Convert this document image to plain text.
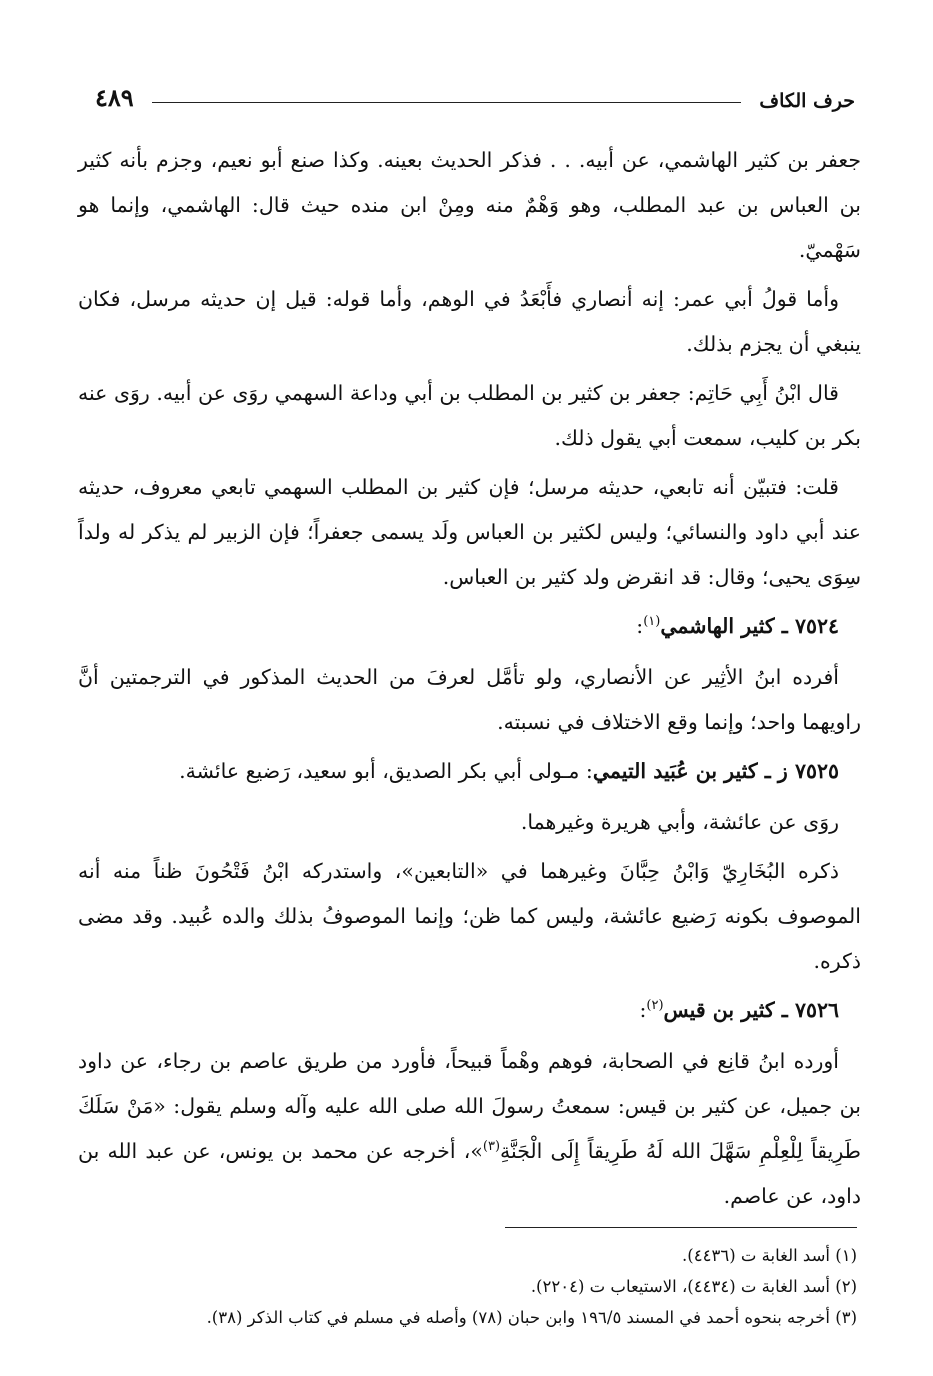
حرف الكاف
٤٨٩

جعفر بن كثير الهاشمي، عن أبيه. . . فذكر الحديث بعينه. وكذا صنع أبو نعيم، وجزم بأنه كثير بن العباس بن عبد المطلب، وهو وَهْمٌ منه ومِنْ ابن منده حيث قال: الهاشمي، وإنما هو سَهْميّ.

وأما قولُ أبي عمر: إنه أنصاري فأَبْعَدُ في الوهم، وأما قوله: قيل إن حديثه مرسل، فكان ينبغي أن يجزم بذلك.

قال ابْنُ أَبِي حَاتِم: جعفر بن كثير بن المطلب بن أبي وداعة السهمي روَى عن أبيه. روَى عنه بكر بن كليب، سمعت أبي يقول ذلك.

قلت: فتبيّن أنه تابعي، حديثه مرسل؛ فإن كثير بن المطلب السهمي تابعي معروف، حديثه عند أبي داود والنسائي؛ وليس لكثير بن العباس ولَد يسمى جعفراً؛ فإن الزبير لم يذكر له ولداً سِوَى يحيى؛ وقال: قد انقرض ولد كثير بن العباس.

٧٥٢٤ ـ كثير الهاشمي$^{(١)}$:

أفرده ابنُ الأثِير عن الأنصاري، ولو تأمَّل لعرفَ من الحديث المذكور في الترجمتين أنَّ راويهما واحد؛ وإنما وقع الاختلاف في نسبته.

٧٥٢٥ ز ـ كثير بن عُبَيد التيمي: مـولى أبي بكر الصديق، أبو سعيد، رَضيع عائشة.

روَى عن عائشة، وأبي هريرة وغيرهما.

ذكره البُخَارِيّ وَابْنُ حِبَّانَ وغيرهما في «التابعين»، واستدركه ابْنُ فَتْحُونَ ظناً منه أنه الموصوف بكونه رَضيع عائشة، وليس كما ظن؛ وإنما الموصوفُ بذلك والده عُبيد. وقد مضى ذكره.

٧٥٢٦ ـ كثير بن قيس$^{(٢)}$:

أورده ابنُ قانِع في الصحابة، فوهم وهْماً قبيحاً، فأورد من طريق عاصم بن رجاء، عن داود بن جميل، عن كثير بن قيس: سمعتُ رسولَ الله صلى الله عليه وآله وسلم يقول: «مَنْ سَلَكَ طَرِيقاً لِلْعِلْمِ سَهَّلَ الله لَهُ طَرِيقاً إِلَى الْجَنَّةِ$^{(٣)}$»، أخرجه عن محمد بن يونس، عن عبد الله بن داود، عن عاصم.

(١) أسد الغابة ت (٤٤٣٦).

(٢) أسد الغابة ت (٤٤٣٤)، الاستيعاب ت (٢٢٠٤).

(٣) أخرجه بنحوه أحمد في المسند ١٩٦/٥ وابن حبان (٧٨) وأصله في مسلم في كتاب الذكر (٣٨).
